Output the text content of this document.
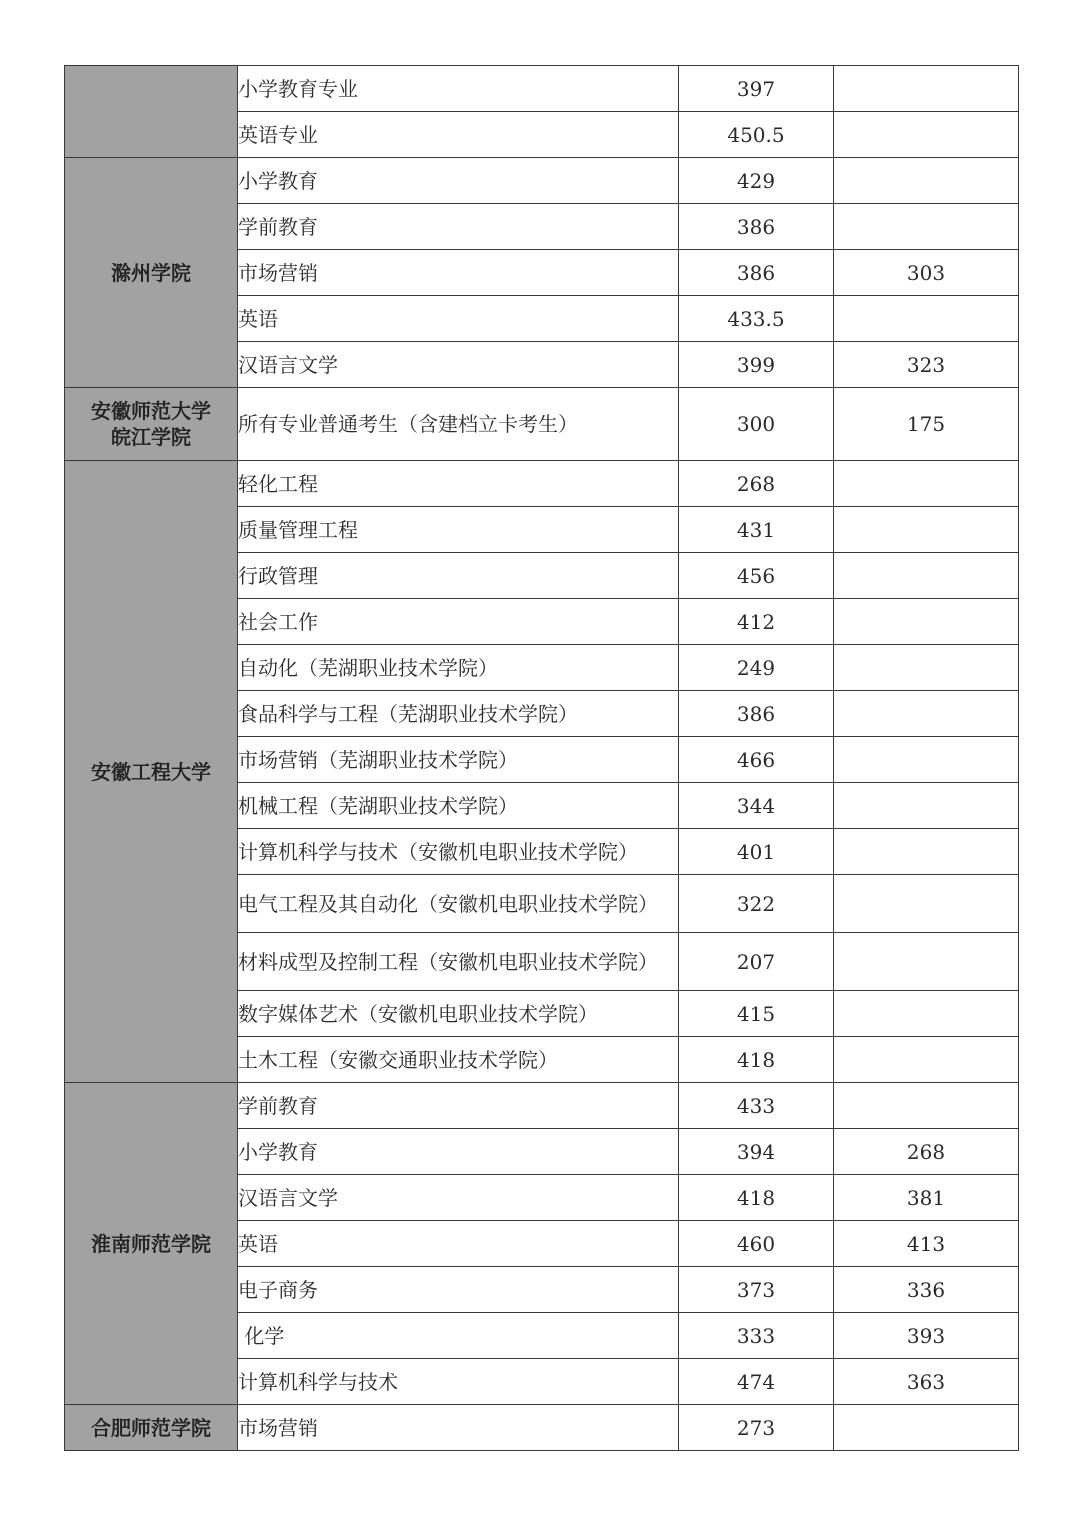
	小学教育专业	397	
	英语专业	450.5	
滁州学院	小学教育	429	
	学前教育	386	
	市场营销	386	303
	英语	433.5	
	汉语言文学	399	323
安徽师范大学
皖江学院	所有专业普通考生（含建档立卡考生）	300	175
安徽工程大学	轻化工程	268	
	质量管理工程	431	
	行政管理	456	
	社会工作	412	
	自动化（芜湖职业技术学院）	249	
	食品科学与工程（芜湖职业技术学院）	386	
	市场营销（芜湖职业技术学院）	466	
	机械工程（芜湖职业技术学院）	344	
	计算机科学与技术（安徽机电职业技术学院）	401	
	电气工程及其自动化（安徽机电职业技术学院）	322	
	材料成型及控制工程（安徽机电职业技术学院）	207	
	数字媒体艺术（安徽机电职业技术学院）	415	
	土木工程（安徽交通职业技术学院）	418	
淮南师范学院	学前教育	433	
	小学教育	394	268
	汉语言文学	418	381
	英语	460	413
	电子商务	373	336
	化学	333	393
	计算机科学与技术	474	363
合肥师范学院	市场营销	273	
